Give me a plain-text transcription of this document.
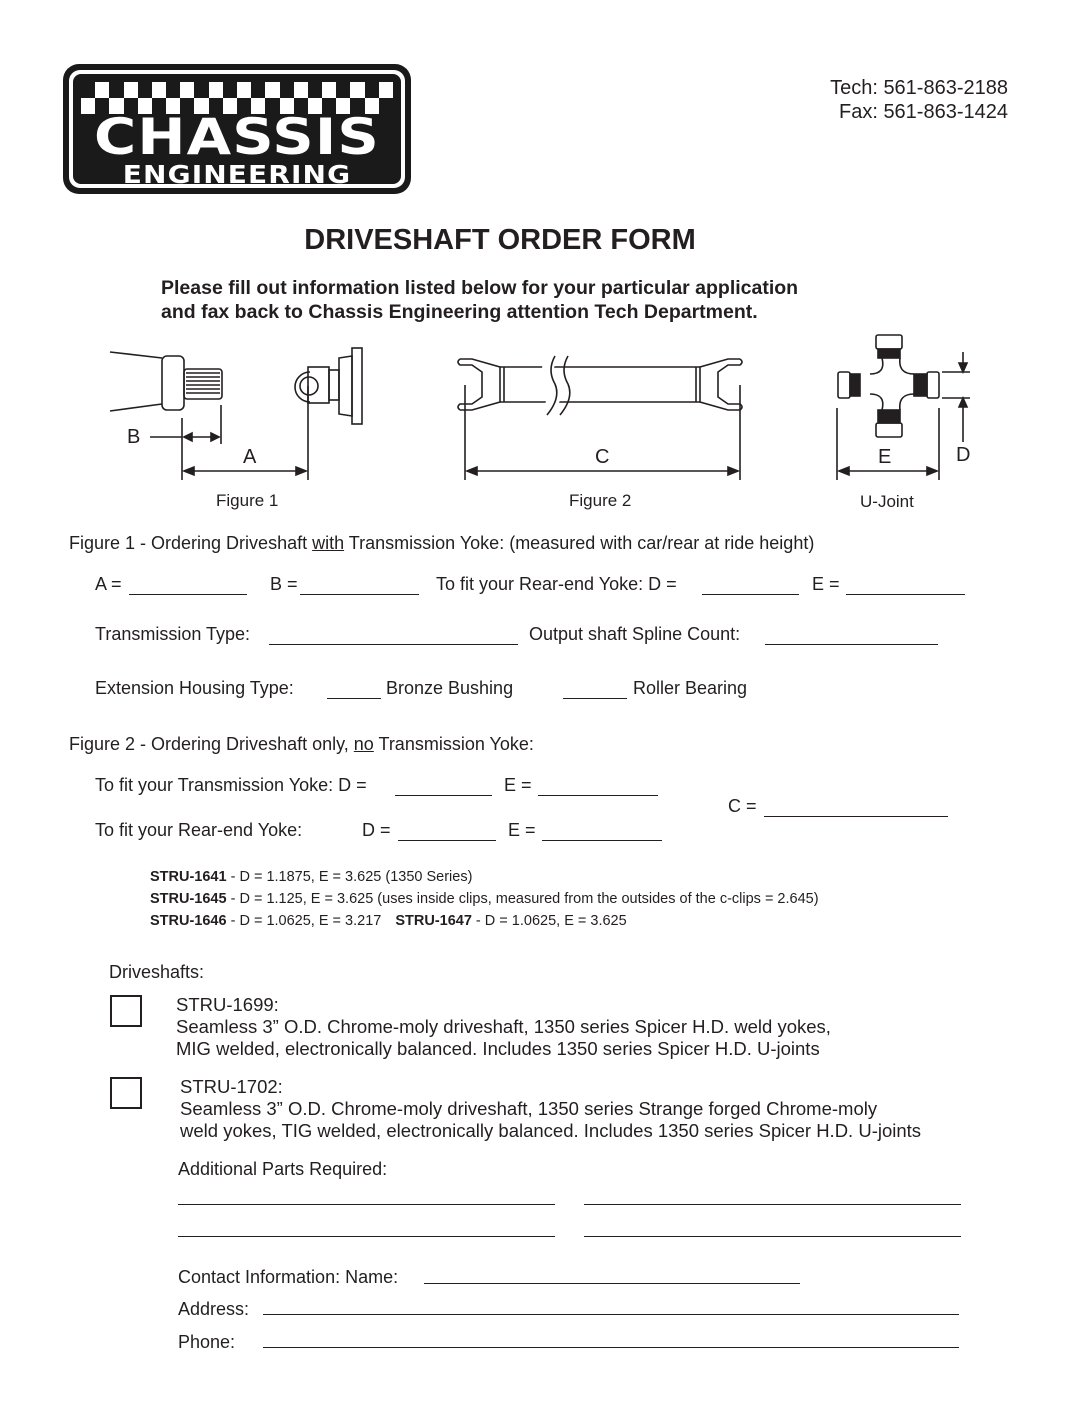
CHASSIS
ENGINEERING
Tech: 561-863-2188
Fax: 561-863-1424
DRIVESHAFT ORDER FORM
Please fill out information listed below for your particular application
and fax back to Chassis Engineering attention Tech Department.
B
A
Figure 1
C
Figure 2
E	D
U-Joint
Figure 1 - Ordering Driveshaft with Transmission Yoke: (measured with car/rear at ride height)
A =	B =	To fit your Rear-end Yoke: D =	E =
Transmission Type:	Output shaft Spline Count:
Extension Housing Type:	Bronze Bushing	Roller Bearing
Figure 2 - Ordering Driveshaft only, no Transmission Yoke:
To fit your Transmission Yoke: D =	E =
C =
To fit your Rear-end Yoke:	D =	E =
STRU-1641 - D = 1.1875, E = 3.625 (1350 Series)
STRU-1645 - D = 1.125, E = 3.625 (uses inside clips, measured from the outsides of the c-clips = 2.645)
STRU-1646 - D = 1.0625, E = 3.217 STRU-1647 - D = 1.0625, E = 3.625
Driveshafts:
STRU-1699:
Seamless 3” O.D. Chrome-moly driveshaft, 1350 series Spicer H.D. weld yokes,
MIG welded, electronically balanced. Includes 1350 series Spicer H.D. U-joints
STRU-1702:
Seamless 3” O.D. Chrome-moly driveshaft, 1350 series Strange forged Chrome-moly
weld yokes, TIG welded, electronically balanced. Includes 1350 series Spicer H.D. U-joints
Additional Parts Required:
Contact Information: Name:
Address:
Phone:
